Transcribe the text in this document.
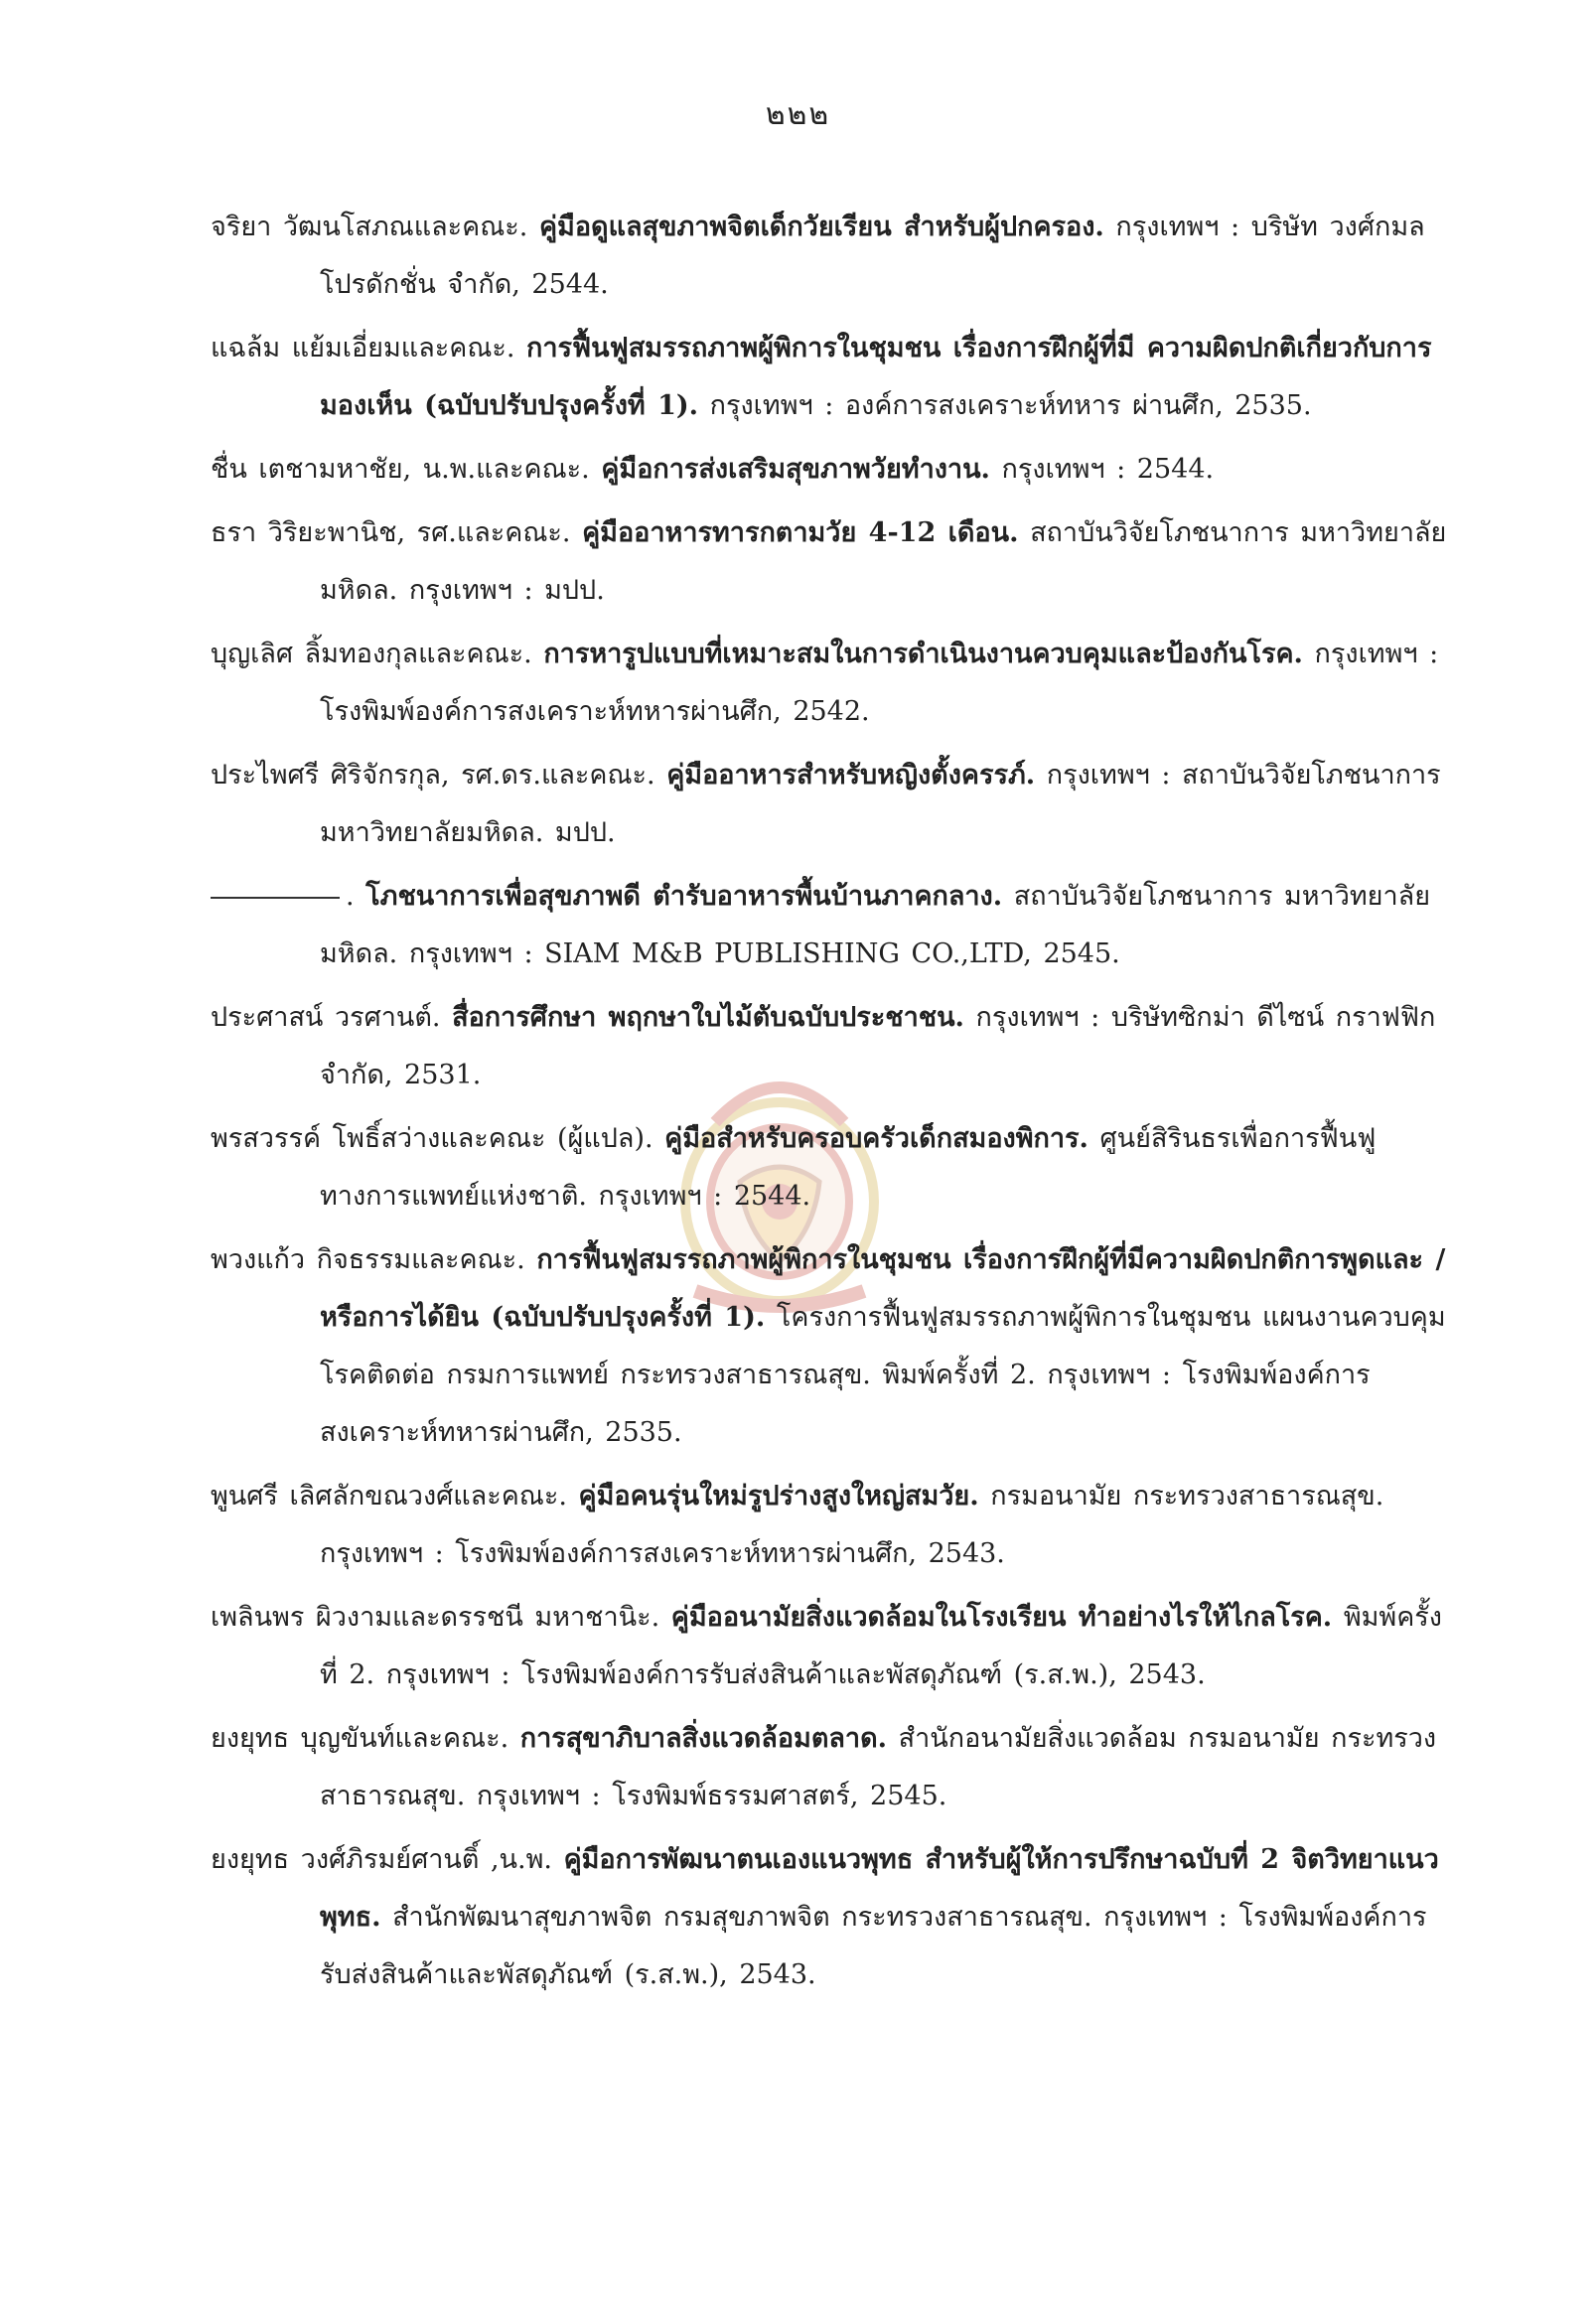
๒๒๒

จริยา วัฒนโสภณและคณะ. คู่มือดูแลสุขภาพจิตเด็กวัยเรียน สำหรับผู้ปกครอง. กรุงเทพฯ : บริษัท วงศ์กมล โปรดักชั่น จำกัด, 2544.

แฉล้ม แย้มเอี่ยมและคณะ. การฟื้นฟูสมรรถภาพผู้พิการในชุมชน เรื่องการฝึกผู้ที่มี ความผิดปกติเกี่ยวกับการมองเห็น (ฉบับปรับปรุงครั้งที่ 1). กรุงเทพฯ : องค์การสงเคราะห์ทหาร ผ่านศึก, 2535.

ชื่น เตชามหาชัย, น.พ.และคณะ. คู่มือการส่งเสริมสุขภาพวัยทำงาน. กรุงเทพฯ : 2544.

ธรา วิริยะพานิช, รศ.และคณะ. คู่มืออาหารทารกตามวัย 4-12 เดือน. สถาบันวิจัยโภชนาการ มหาวิทยาลัยมหิดล. กรุงเทพฯ : มปป.

บุญเลิศ ลิ้มทองกุลและคณะ. การหารูปแบบที่เหมาะสมในการดำเนินงานควบคุมและป้องกันโรค. กรุงเทพฯ : โรงพิมพ์องค์การสงเคราะห์ทหารผ่านศึก, 2542.

ประไพศรี ศิริจักรกุล, รศ.ดร.และคณะ. คู่มืออาหารสำหรับหญิงตั้งครรภ์. กรุงเทพฯ : สถาบันวิจัยโภชนาการ มหาวิทยาลัยมหิดล. มปป.

. โภชนาการเพื่อสุขภาพดี ตำรับอาหารพื้นบ้านภาคกลาง. สถาบันวิจัยโภชนาการ มหาวิทยาลัยมหิดล. กรุงเทพฯ : SIAM M&B PUBLISHING CO.,LTD, 2545.

ประศาสน์ วรศานต์. สื่อการศึกษา พฤกษาใบไม้ตับฉบับประชาชน. กรุงเทพฯ : บริษัทซิกม่า ดีไซน์ กราฟฟิก จำกัด, 2531.

พรสวรรค์ โพธิ์สว่างและคณะ (ผู้แปล). คู่มือสำหรับครอบครัวเด็กสมองพิการ. ศูนย์สิรินธรเพื่อการฟื้นฟูทางการแพทย์แห่งชาติ. กรุงเทพฯ : 2544.

พวงแก้ว กิจธรรมและคณะ. การฟื้นฟูสมรรถภาพผู้พิการในชุมชน เรื่องการฝึกผู้ที่มีความผิดปกติการพูดและ /หรือการได้ยิน (ฉบับปรับปรุงครั้งที่ 1). โครงการฟื้นฟูสมรรถภาพผู้พิการในชุมชน แผนงานควบคุมโรคติดต่อ กรมการแพทย์ กระทรวงสาธารณสุข. พิมพ์ครั้งที่ 2. กรุงเทพฯ : โรงพิมพ์องค์การสงเคราะห์ทหารผ่านศึก, 2535.

พูนศรี เลิศลักขณวงศ์และคณะ. คู่มือคนรุ่นใหม่รูปร่างสูงใหญ่สมวัย. กรมอนามัย กระทรวงสาธารณสุข. กรุงเทพฯ : โรงพิมพ์องค์การสงเคราะห์ทหารผ่านศึก, 2543.

เพลินพร ผิวงามและดรรชนี มหาชานิะ. คู่มืออนามัยสิ่งแวดล้อมในโรงเรียน ทำอย่างไรให้ไกลโรค. พิมพ์ครั้งที่ 2. กรุงเทพฯ : โรงพิมพ์องค์การรับส่งสินค้าและพัสดุภัณฑ์ (ร.ส.พ.), 2543.

ยงยุทธ บุญขันท์และคณะ. การสุขาภิบาลสิ่งแวดล้อมตลาด. สำนักอนามัยสิ่งแวดล้อม กรมอนามัย กระทรวงสาธารณสุข. กรุงเทพฯ : โรงพิมพ์ธรรมศาสตร์, 2545.

ยงยุทธ วงศ์ภิรมย์ศานติ์ ,น.พ. คู่มือการพัฒนาตนเองแนวพุทธ สำหรับผู้ให้การปรึกษาฉบับที่ 2 จิตวิทยาแนวพุทธ. สำนักพัฒนาสุขภาพจิต กรมสุขภาพจิต กระทรวงสาธารณสุข. กรุงเทพฯ : โรงพิมพ์องค์การรับส่งสินค้าและพัสดุภัณฑ์ (ร.ส.พ.), 2543.
